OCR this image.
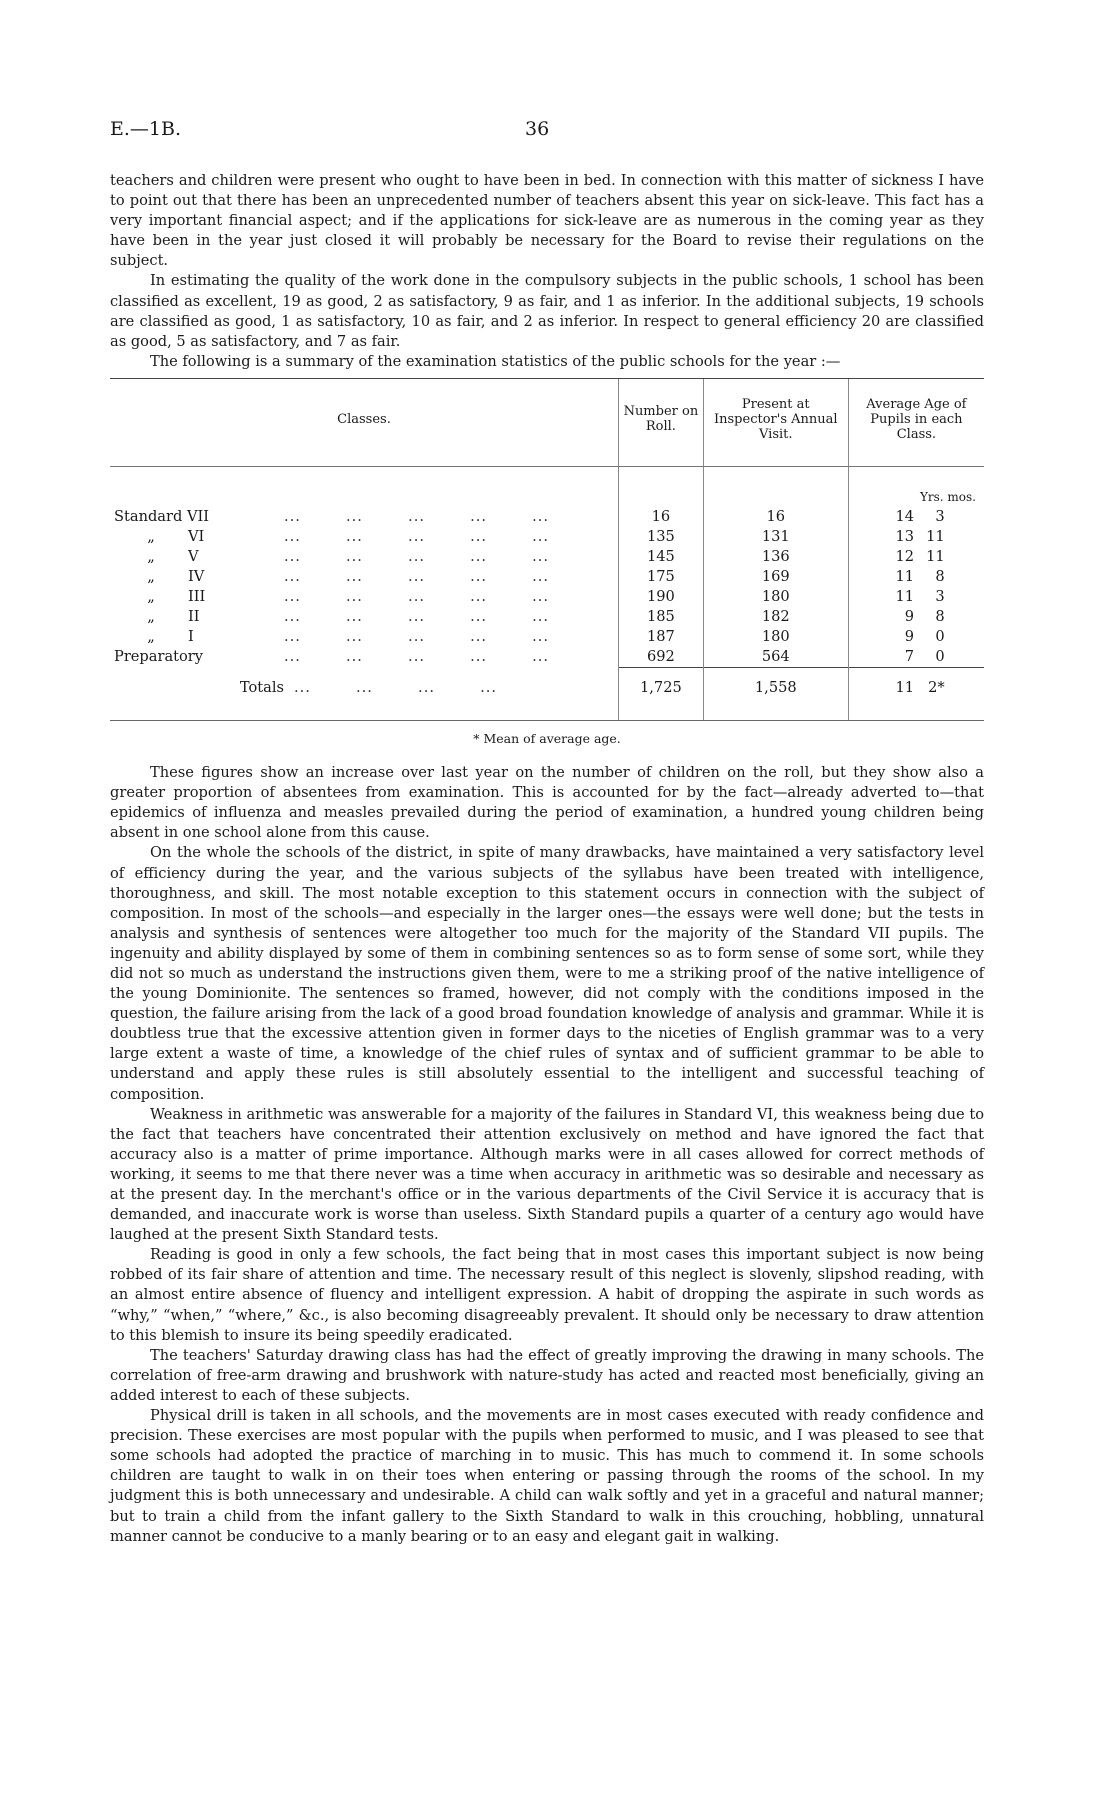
E.—1B.	36

teachers and children were present who ought to have been in bed. In connection with this matter of sickness I have to point out that there has been an unprecedented number of teachers absent this year on sick-leave. This fact has a very important financial aspect; and if the applications for sick-leave are as numerous in the coming year as they have been in the year just closed it will probably be necessary for the Board to revise their regulations on the subject.

In estimating the quality of the work done in the compulsory subjects in the public schools, 1 school has been classified as excellent, 19 as good, 2 as satisfactory, 9 as fair, and 1 as inferior. In the additional subjects, 19 schools are classified as good, 1 as satisfactory, 10 as fair, and 2 as inferior. In respect to general efficiency 20 are classified as good, 5 as satisfactory, and 7 as fair.

The following is a summary of the examination statistics of the public schools for the year :—

Classes.	Number on Roll.	Present at Inspector's Annual Visit.	Average Age of Pupils in each Class.
			Yrs. mos.
Standard VII ...        ...        ...        ...        ...	16	16	14 3
„ VI ...        ...        ...        ...        ...	135	131	13 11
„ V ...        ...        ...        ...        ...	145	136	12 11
„ IV ...        ...        ...        ...        ...	175	169	11 8
„ III ...        ...        ...        ...        ...	190	180	11 3
„ II ...        ...        ...        ...        ...	185	182	9 8
„ I ...        ...        ...        ...        ...	187	180	9 0
Preparatory ...        ...        ...        ...        ...	692	564	7 0
Totals ...        ...        ...        ...	1,725	1,558	11 2*
* Mean of average age.

These figures show an increase over last year on the number of children on the roll, but they show also a greater proportion of absentees from examination. This is accounted for by the fact—already adverted to—that epidemics of influenza and measles prevailed during the period of examination, a hundred young children being absent in one school alone from this cause.

On the whole the schools of the district, in spite of many drawbacks, have maintained a very satisfactory level of efficiency during the year, and the various subjects of the syllabus have been treated with intelligence, thoroughness, and skill. The most notable exception to this statement occurs in connection with the subject of composition. In most of the schools—and especially in the larger ones—the essays were well done; but the tests in analysis and synthesis of sentences were altogether too much for the majority of the Standard VII pupils. The ingenuity and ability displayed by some of them in combining sentences so as to form sense of some sort, while they did not so much as understand the instructions given them, were to me a striking proof of the native intelligence of the young Dominionite. The sentences so framed, however, did not comply with the conditions imposed in the question, the failure arising from the lack of a good broad foundation knowledge of analysis and grammar. While it is doubtless true that the excessive attention given in former days to the niceties of English grammar was to a very large extent a waste of time, a knowledge of the chief rules of syntax and of sufficient grammar to be able to understand and apply these rules is still absolutely essential to the intelligent and successful teaching of composition.

Weakness in arithmetic was answerable for a majority of the failures in Standard VI, this weakness being due to the fact that teachers have concentrated their attention exclusively on method and have ignored the fact that accuracy also is a matter of prime importance. Although marks were in all cases allowed for correct methods of working, it seems to me that there never was a time when accuracy in arithmetic was so desirable and necessary as at the present day. In the merchant's office or in the various departments of the Civil Service it is accuracy that is demanded, and inaccurate work is worse than useless. Sixth Standard pupils a quarter of a century ago would have laughed at the present Sixth Standard tests.

Reading is good in only a few schools, the fact being that in most cases this important subject is now being robbed of its fair share of attention and time. The necessary result of this neglect is slovenly, slipshod reading, with an almost entire absence of fluency and intelligent expression. A habit of dropping the aspirate in such words as “why,” “when,” “where,” &c., is also becoming disagreeably prevalent. It should only be necessary to draw attention to this blemish to insure its being speedily eradicated.

The teachers' Saturday drawing class has had the effect of greatly improving the drawing in many schools. The correlation of free-arm drawing and brushwork with nature-study has acted and reacted most beneficially, giving an added interest to each of these subjects.

Physical drill is taken in all schools, and the movements are in most cases executed with ready confidence and precision. These exercises are most popular with the pupils when performed to music, and I was pleased to see that some schools had adopted the practice of marching in to music. This has much to commend it. In some schools children are taught to walk in on their toes when entering or passing through the rooms of the school. In my judgment this is both unnecessary and undesirable. A child can walk softly and yet in a graceful and natural manner; but to train a child from the infant gallery to the Sixth Standard to walk in this crouching, hobbling, unnatural manner cannot be conducive to a manly bearing or to an easy and elegant gait in walking.
